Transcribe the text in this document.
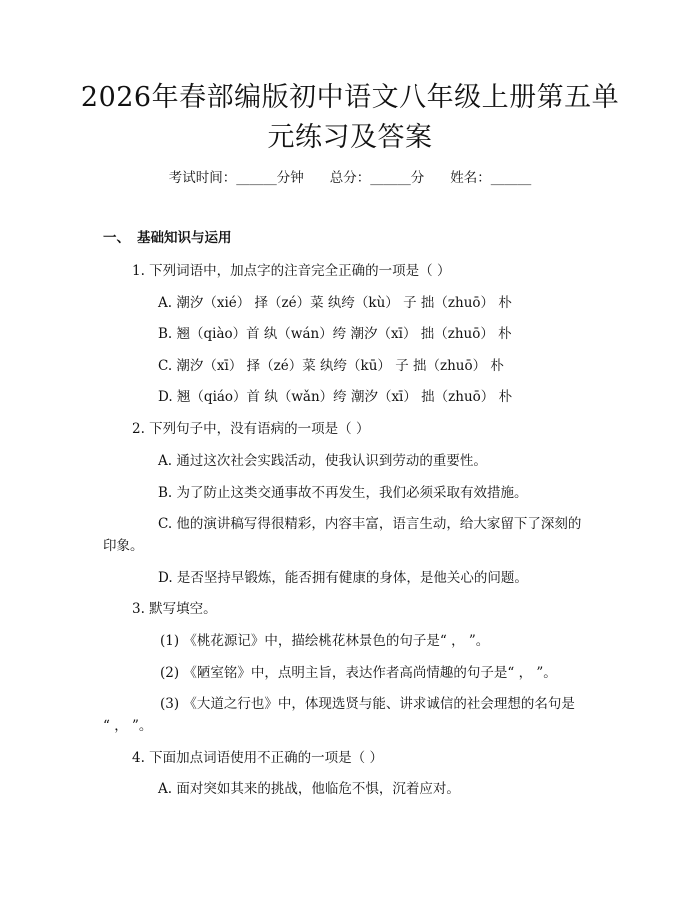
2026年春部编版初中语文八年级上册第五单
元练习及答案
考试时间：______分钟 总分：______分 姓名：______
一、 基础知识与运用
1. 下列词语中，加点字的注音完全正确的一项是（ ）
A. 潮汐（xié） 择（zé）菜 纨绔（kù） 子 拙（zhuō） 朴
B. 翘（qiào）首 纨（wán）绔 潮汐（xī） 拙（zhuō） 朴
C. 潮汐（xī） 择（zé）菜 纨绔（kū） 子 拙（zhuō） 朴
D. 翘（qiáo）首 纨（wǎn）绔 潮汐（xī） 拙（zhuō） 朴
2. 下列句子中，没有语病的一项是（ ）
A. 通过这次社会实践活动，使我认识到劳动的重要性。
B. 为了防止这类交通事故不再发生，我们必须采取有效措施。
C. 他的演讲稿写得很精彩，内容丰富，语言生动，给大家留下了深刻的
印象。
D. 是否坚持早锻炼，能否拥有健康的身体，是他关心的问题。
3. 默写填空。
(1) 《桃花源记》中，描绘桃花林景色的句子是“ ， ”。
(2) 《陋室铭》中，点明主旨，表达作者高尚情趣的句子是“ ， ”。
(3) 《大道之行也》中，体现选贤与能、讲求诚信的社会理想的名句是
“ ， ”。
4. 下面加点词语使用不正确的一项是（ ）
A. 面对突如其来的挑战，他临危不惧，沉着应对。
